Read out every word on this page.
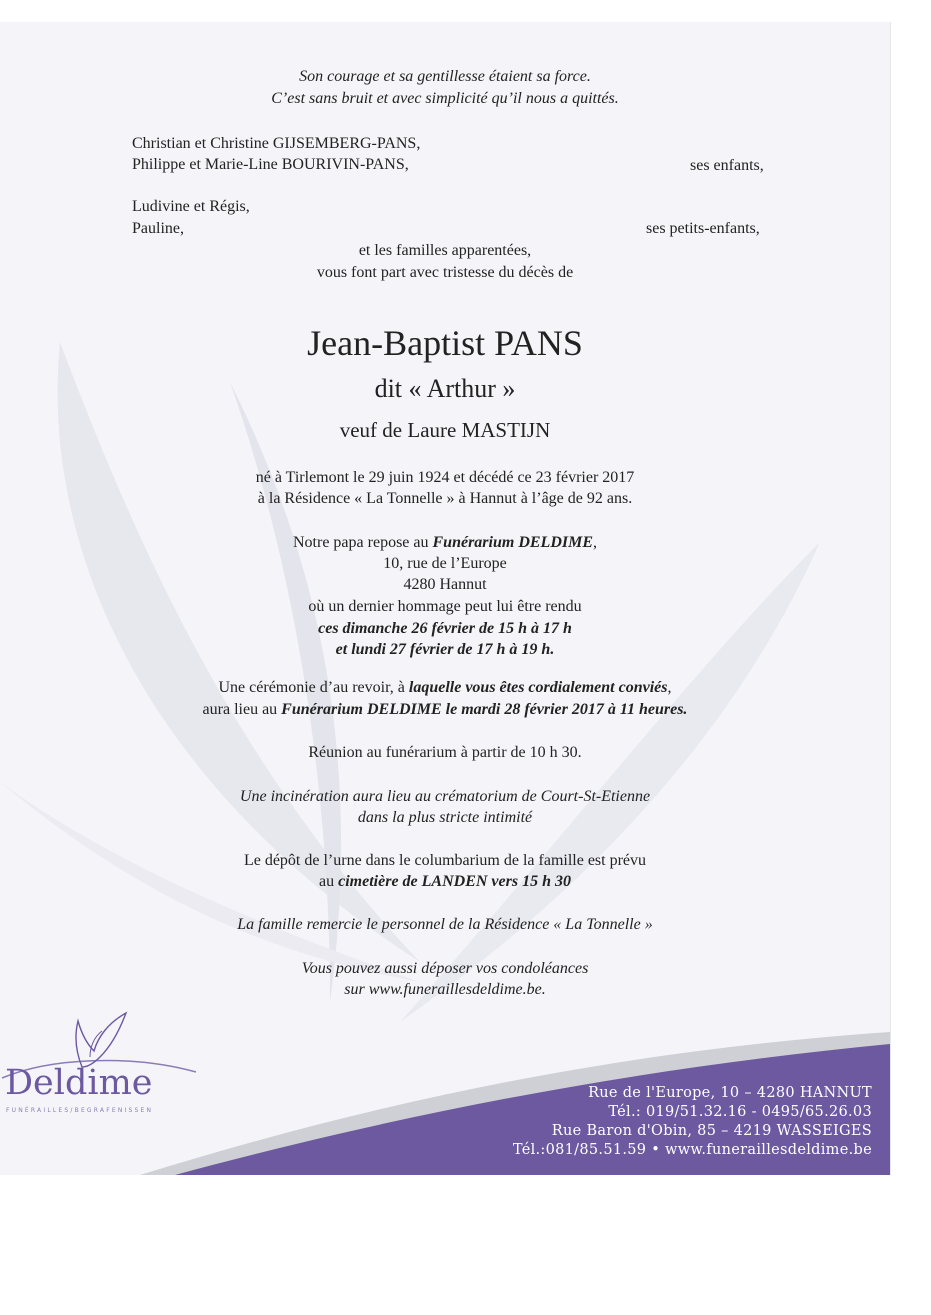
Son courage et sa gentillesse étaient sa force.
C’est sans bruit et avec simplicité qu’il nous a quittés.
Christian et Christine GIJSEMBERG-PANS,
Philippe et Marie-Line BOURIVIN-PANS,	ses enfants,
Ludivine et Régis,
Pauline,	ses petits-enfants,
et les familles apparentées,
vous font part avec tristesse du décès de
Jean-Baptist PANS
dit « Arthur »
veuf de Laure MASTIJN
né à Tirlemont le 29 juin 1924 et décédé ce 23 février 2017
à la Résidence « La Tonnelle » à Hannut à l’âge de 92 ans.
Notre papa repose au Funérarium DELDIME,
10, rue de l’Europe
4280 Hannut
où un dernier hommage peut lui être rendu
ces dimanche 26 février de 15 h à 17 h
et lundi 27 février de 17 h à 19 h.
Une cérémonie d’au revoir, à laquelle vous êtes cordialement conviés,
aura lieu au Funérarium DELDIME le mardi 28 février 2017 à 11 heures.
Réunion au funérarium à partir de 10 h 30.
Une incinération aura lieu au crématorium de Court-St-Etienne
dans la plus stricte intimité
Le dépôt de l’urne dans le columbarium de la famille est prévu
au cimetière de LANDEN vers 15 h 30
La famille remercie le personnel de la Résidence « La Tonnelle »
Vous pouvez aussi déposer vos condoléances
sur www.funeraillesdeldime.be.
Deldime
FUNÉRAILLES/BEGRAFENISSEN
Rue de l'Europe, 10 – 4280 HANNUT
Tél.: 019/51.32.16 - 0495/65.26.03
Rue Baron d'Obin, 85 – 4219 WASSEIGES
Tél.:081/85.51.59 • www.funeraillesdeldime.be
